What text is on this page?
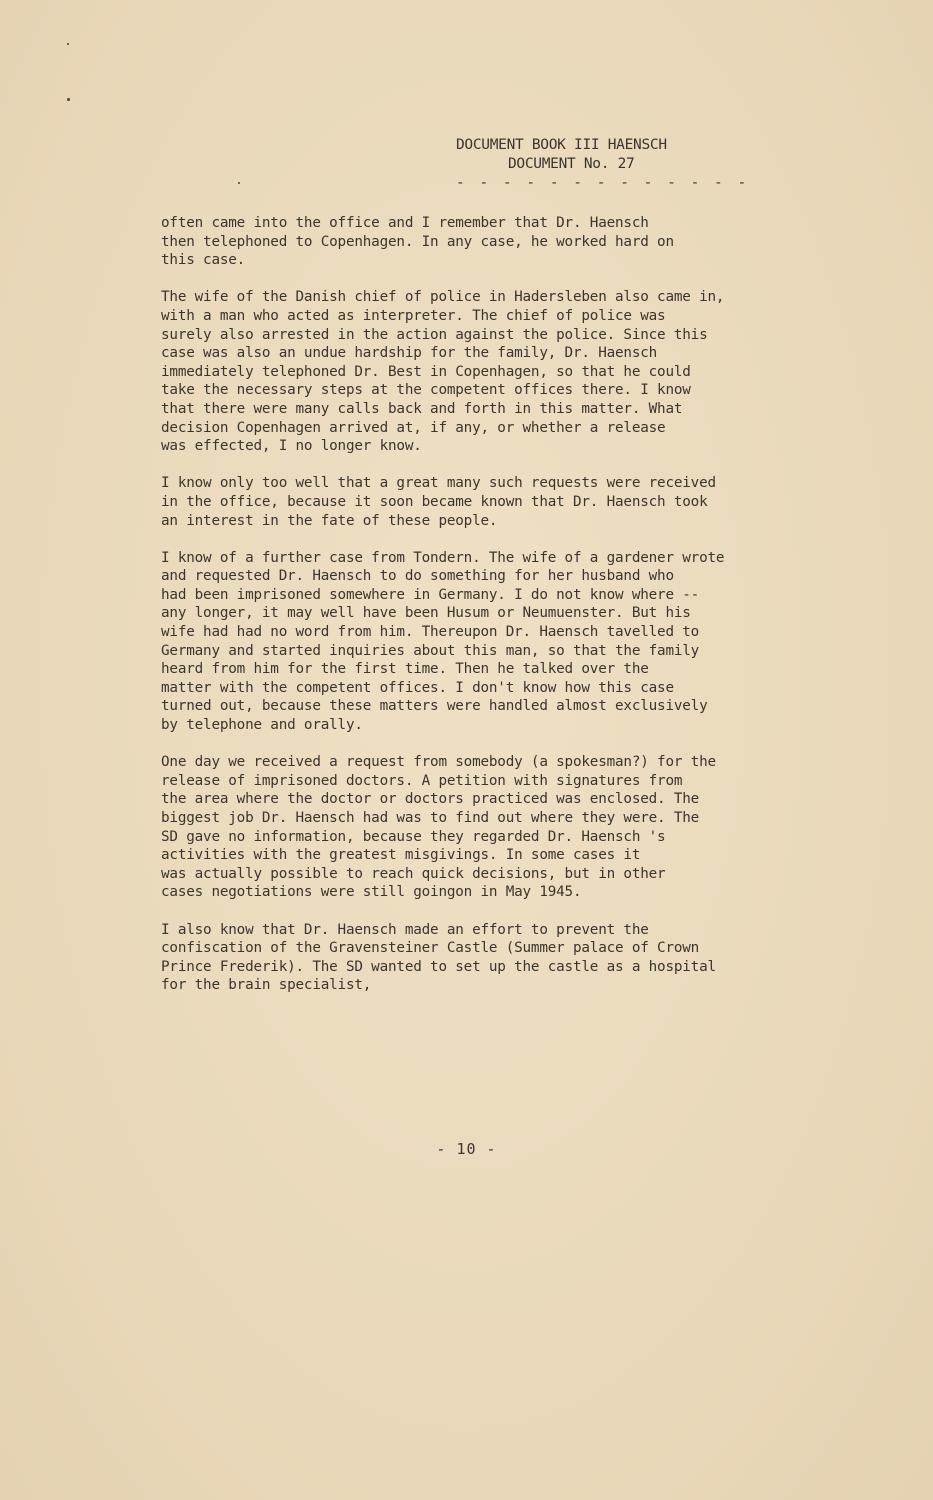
DOCUMENT BOOK III HAENSCH
DOCUMENT No. 27
- - - - - - - - - - - - -
often came into the office and I remember that Dr. Haensch
then telephoned to Copenhagen. In any case, he worked hard on
this case.
The wife of the Danish chief of police in Hadersleben also came in,
with a man who acted as interpreter. The chief of police was
surely also arrested in the action against the police. Since this
case was also an undue hardship for the family, Dr. Haensch
immediately telephoned Dr. Best in Copenhagen, so that he could
take the necessary steps at the competent offices there. I know
that there were many calls back and forth in this matter. What
decision Copenhagen arrived at, if any, or whether a release
was effected, I no longer know.
I know only too well that a great many such requests were received
in the office, because it soon became known that Dr. Haensch took
an interest in the fate of these people.
I know of a further case from Tondern. The wife of a gardener wrote
and requested Dr. Haensch to do something for her husband who
had been imprisoned somewhere in Germany. I do not know where --
any longer, it may well have been Husum or Neumuenster. But his
wife had had no word from him. Thereupon Dr. Haensch tavelled to
Germany and started inquiries about this man, so that the family
heard from him for the first time. Then he talked over the
matter with the competent offices. I don't know how this case
turned out, because these matters were handled almost exclusively
by telephone and orally.
One day we received a request from somebody (a spokesman?) for the
release of imprisoned doctors. A petition with signatures from
the area where the doctor or doctors practiced was enclosed. The
biggest job Dr. Haensch had was to find out where they were. The
SD gave no information, because they regarded Dr. Haensch 's
activities with the greatest misgivings. In some cases it
was actually possible to reach quick decisions, but in other
cases negotiations were still goingon in May 1945.
I also know that Dr. Haensch made an effort to prevent the
confiscation of the Gravensteiner Castle (Summer palace of Crown
Prince Frederik). The SD wanted to set up the castle as a hospital
for the brain specialist,
- 10 -
